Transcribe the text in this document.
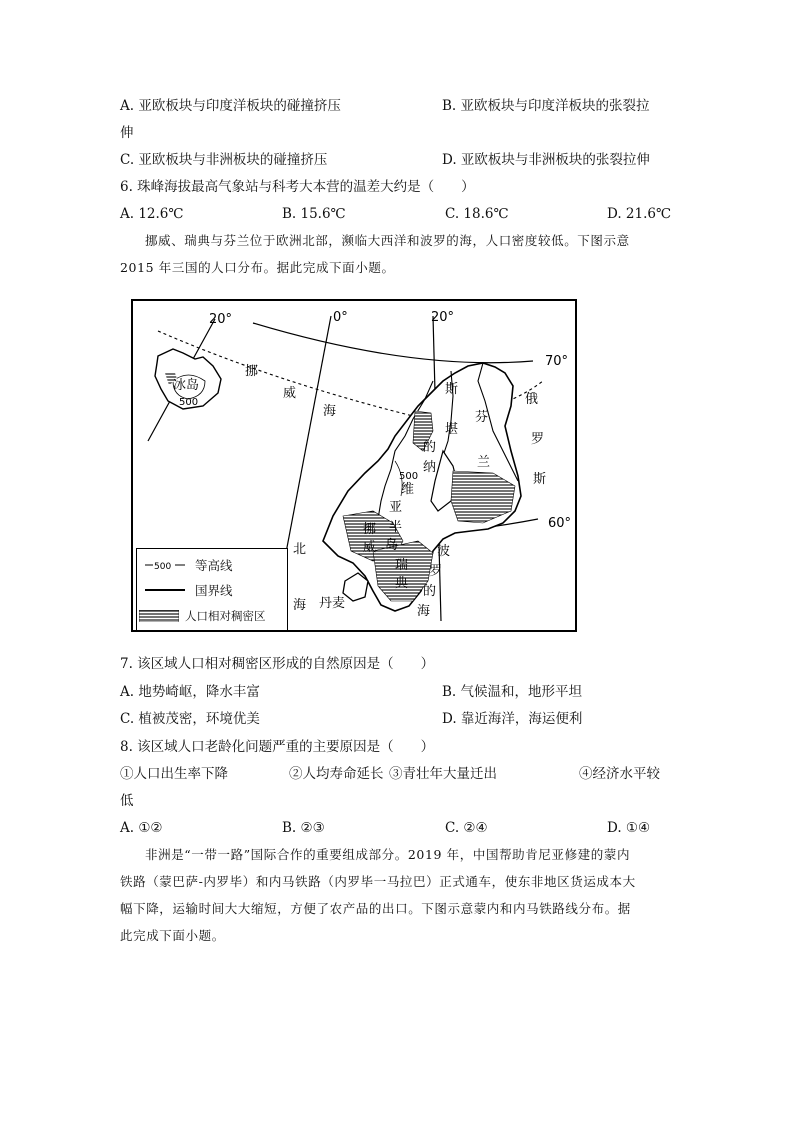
A. 亚欧板块与印度洋板块的碰撞挤压	B. 亚欧板块与印度洋板块的张裂拉
伸
C. 亚欧板块与非洲板块的碰撞挤压	D. 亚欧板块与非洲板块的张裂拉伸
6. 珠峰海拔最高气象站与科考大本营的温差大约是（　　）
A. 12.6℃	B. 15.6℃	C. 18.6℃	D. 21.6℃
挪威、瑞典与芬兰位于欧洲北部，濒临大西洋和波罗的海，人口密度较低。下图示意
2015 年三国的人口分布。据此完成下面小题。
20°	0°	20°
70°
60°
冰岛
500
挪
威
海
斯
堪
的
纳
维
亚
半
岛
500
挪
威
瑞
典
芬
兰
俄
罗
斯
波
罗
的
海
北
海 丹麦
500 等高线
国界线
人口相对稠密区
7. 该区域人口相对稠密区形成的自然原因是（　　）
A. 地势崎岖，降水丰富	B. 气候温和，地形平坦
C. 植被茂密，环境优美	D. 靠近海洋，海运便利
8. 该区域人口老龄化问题严重的主要原因是（　　）
①人口出生率下降	②人均寿命延长 ③青壮年大量迁出	④经济水平较
低
A. ①②	B. ②③	C. ②④	D. ①④
非洲是“一带一路”国际合作的重要组成部分。2019 年，中国帮助肯尼亚修建的蒙内
铁路（蒙巴萨-内罗毕）和内马铁路（内罗毕一马拉巴）正式通车，使东非地区货运成本大
幅下降，运输时间大大缩短，方便了农产品的出口。下图示意蒙内和内马铁路线分布。据
此完成下面小题。
